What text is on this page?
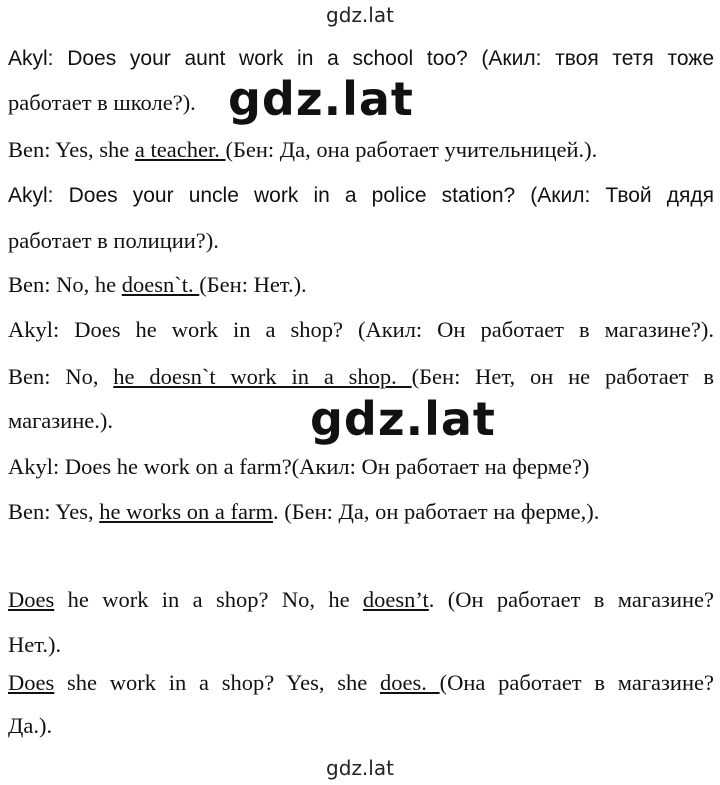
gdz.lat
Akyl: Does your aunt work in a school too? (Акил: твоя тетя тоже
работает в школе?).
Ben: Yes, she a teacher. (Бен: Да, она работает учительницей.).
Akyl: Does your uncle work in a police station? (Акил: Твой дядя
работает в полиции?).
Ben: No, he doesn`t. (Бен: Нет.).
Akyl: Does he work in a shop? (Акил: Он работает в магазине?).
Ben: No, he doesn`t work in a shop. (Бен: Нет, он не работает в
магазине.).
Akyl: Does he work on a farm?(Акил: Он работает на ферме?)
Ben: Yes, he works on a farm. (Бен: Да, он работает на ферме,).
Does he work in a shop? No, he doesn’t. (Он работает в магазине?
Нет.).
Does she work in a shop? Yes, she does. (Она работает в магазине?
Да.).
gdz.lat
gdz.lat
gdz.lat
